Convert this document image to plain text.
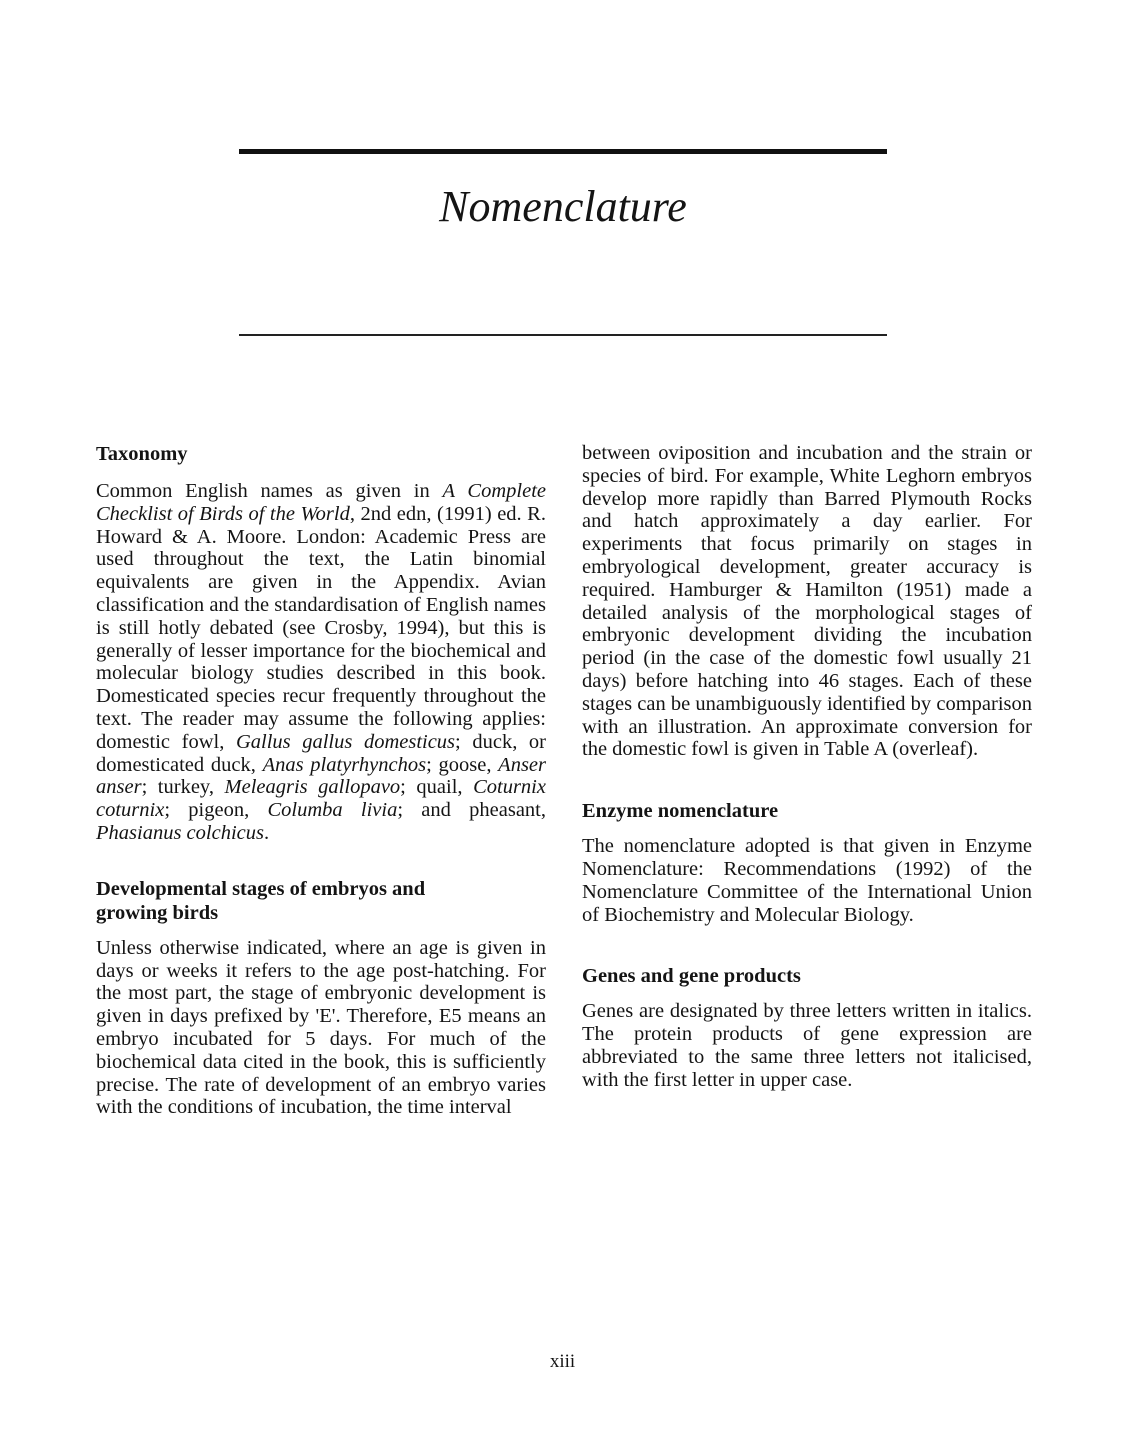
Nomenclature
Taxonomy

Common English names as given in A Complete Checklist of Birds of the World, 2nd edn, (1991) ed. R. Howard & A. Moore. London: Academic Press are used throughout the text, the Latin binomial equivalents are given in the Appendix. Avian classification and the standardisation of English names is still hotly debated (see Crosby, 1994), but this is generally of lesser importance for the biochemical and molecular biology studies described in this book. Domesticated species recur frequently throughout the text. The reader may assume the following applies: domestic fowl, Gallus gallus domesticus; duck, or domesticated duck, Anas platyrhynchos; goose, Anser anser; turkey, Meleagris gallopavo; quail, Coturnix coturnix; pigeon, Columba livia; and pheasant, Phasianus colchicus.

Developmental stages of embryos and growing birds

Unless otherwise indicated, where an age is given in days or weeks it refers to the age post-hatching. For the most part, the stage of embryonic development is given in days prefixed by 'E'. Therefore, E5 means an embryo incubated for 5 days. For much of the biochemical data cited in the book, this is sufficiently precise. The rate of development of an embryo varies with the conditions of incubation, the time interval

between oviposition and incubation and the strain or species of bird. For example, White Leghorn embryos develop more rapidly than Barred Plymouth Rocks and hatch approximately a day earlier. For experiments that focus primarily on stages in embryological development, greater accuracy is required. Hamburger & Hamilton (1951) made a detailed analysis of the morphological stages of embryonic development dividing the incubation period (in the case of the domestic fowl usually 21 days) before hatching into 46 stages. Each of these stages can be unambiguously identified by comparison with an illustration. An approximate conversion for the domestic fowl is given in Table A (overleaf).

Enzyme nomenclature

The nomenclature adopted is that given in Enzyme Nomenclature: Recommendations (1992) of the Nomenclature Committee of the International Union of Biochemistry and Molecular Biology.

Genes and gene products

Genes are designated by three letters written in italics. The protein products of gene expression are abbreviated to the same three letters not italicised, with the first letter in upper case.

xiii
